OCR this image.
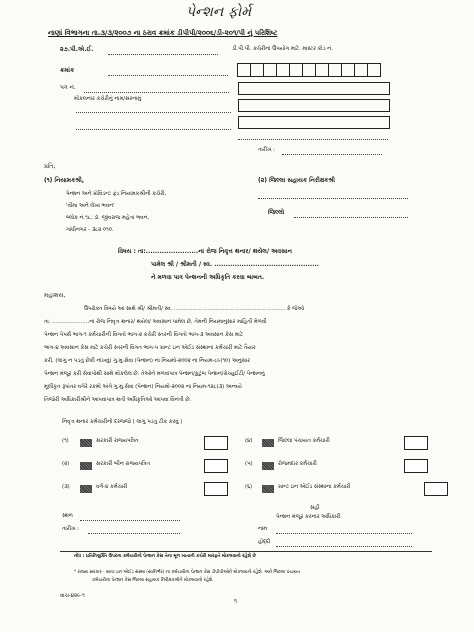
પેન્શન ફોર્મ
નાણાં વિભાગના તા.૩/૩/૨૦૦૭ ના ઠરાવ ક્રમાંક ડીપીપી/૨૦૦૬/ડી-૨૦૧/પી નું પરિશિષ્ટ
૨૭.પી.એ.ઈ.	ડી.પી.પી. કચેરીના ઉપયોગ માટે. માસ્ટર કોડ નં.
ક્રમાંક
પત્ર નં.
મોકલનાર કચેરીનું નામ/સરનામું
તારીખ :
પ્રતિ,
(૧) નિયામકશ્રી,
પેન્શન અને પ્રોવિડન્ટ ફંડ નિયામકશ્રીની કચેરી,
'વીમા અને લેખા ભવન'
બ્લોક નં.૧૮, ડૉ. જીવરાજ મહેતા ભવન,
ગાંધીનગર - ૩૮૨ ૦૧૦.
(૨) જિલ્લા સહાયક નિરીક્ષકશ્રી
જિલ્લો
વિષય : તા:.......................ના રોજ નિવૃત્ત થનાર/ થયેલ/ અવસાન
પામેલ શ્રી / શ્રીમતી / સ્વ. ..............................................
ને મળવા પાત્ર પેન્શનની અધિકૃતિ કરવા બાબત.
મહાશય,
ઉપરોક્ત વિષયે આ સાથે શ્રી/ શ્રીમતી/ સ્વ. .................................................................. કે જેઓ
તા. ......................ના રોજ નિવૃત્ત થનાર/ થયેલ/ અવસાન પામેલ છે, તેમની નિયમાનુસાર માહિતી મેળવી
પેન્શન પેપર્સ ભાગ-૧ કર્મચારીની વિગતો ભાગ-૨ કચેરી સ્તરની વિગતો ભાગ-૩ અવસાન કેસ માટે
ભાગ-૪ અવસાન કેસ માટે કચેરી સ્તરની વિગત ભાગ-૫ ગ્રાન્ટ ઇન એઈડ સંસ્થાના કર્મચારી માટે તૈયાર
કરી, (લાગુ ન પડતું છેકી નાંખવું) ગુ.મુ.સેવા (પેન્શન) ના નિયમો-૨૦૦૨ ના નિયમ-૮૯(૧૦) અનુસાર
પેન્શન મંજૂર કરી સેવાપોથી સાથે મોકલેલ છે. તેઓને મળવાપાત્ર પેન્શન/કુટુંબ પેન્શન/ગ્રેચ્યુઈટી/ પેન્શનનું
મૂલીકૃત રૂપાંતર વગેરે રકમો અંગે ગુ.મુ.સેવા (પેન્શન) નિયમો-૨૦૦૨ ના નિયમ-૧૨૮(૩) અન્વયે
તિજોરી અધિકારીશ્રીને આપવાપાત્ર થતી અધિકૃતિઓ આપવા વિનંતી છે.
નિવૃત્ત થનાર કર્મચારીનો દરજ્જો ( લાગુ પડતુ ટીક કરવું )
(૧)	સરકારી રાજ્યપત્રિત
(૨)	સરકારી બીન રાજ્યપત્રિત
(૩)	વર્ગ-૪ કર્મચારી
(૪)	જિલ્લા પંચાયત કર્મચારી
(૫)	રોજમદાર કર્મચારી
(૬)	ગ્રાન્ટ ઇન એઈડ સંસ્થાના કર્મચારી
સહી
પેન્શન મંજૂર કરનાર અધિકારી
સ્થળ
તારીખ :	નામ
હોદ્દો
નોંધ : પ્રતિનિયુક્તિ ઉપરના કર્મચારીનો પેન્શન કેસ તેના મૂળ ખાતાની કચેરી મારફતે મોકલવાનો રહેશે છે
* રાજ્ય સરકાર - ગ્રાન્ટ ઇન એઈડ સંસ્થા (સ્વનિર્ભર) ના કર્મચારીના પેન્શન કેસ ડીપીપીઓને મોકલવાનો રહેશે. અને જિલ્લા પંચાયત
કર્મચારીના પેન્શન કેસ જિલ્લા સહાયક નિરીક્ષકશ્રીને મોકલવાનો રહેશે.
વાચ-૪૨૯-૧
૧
